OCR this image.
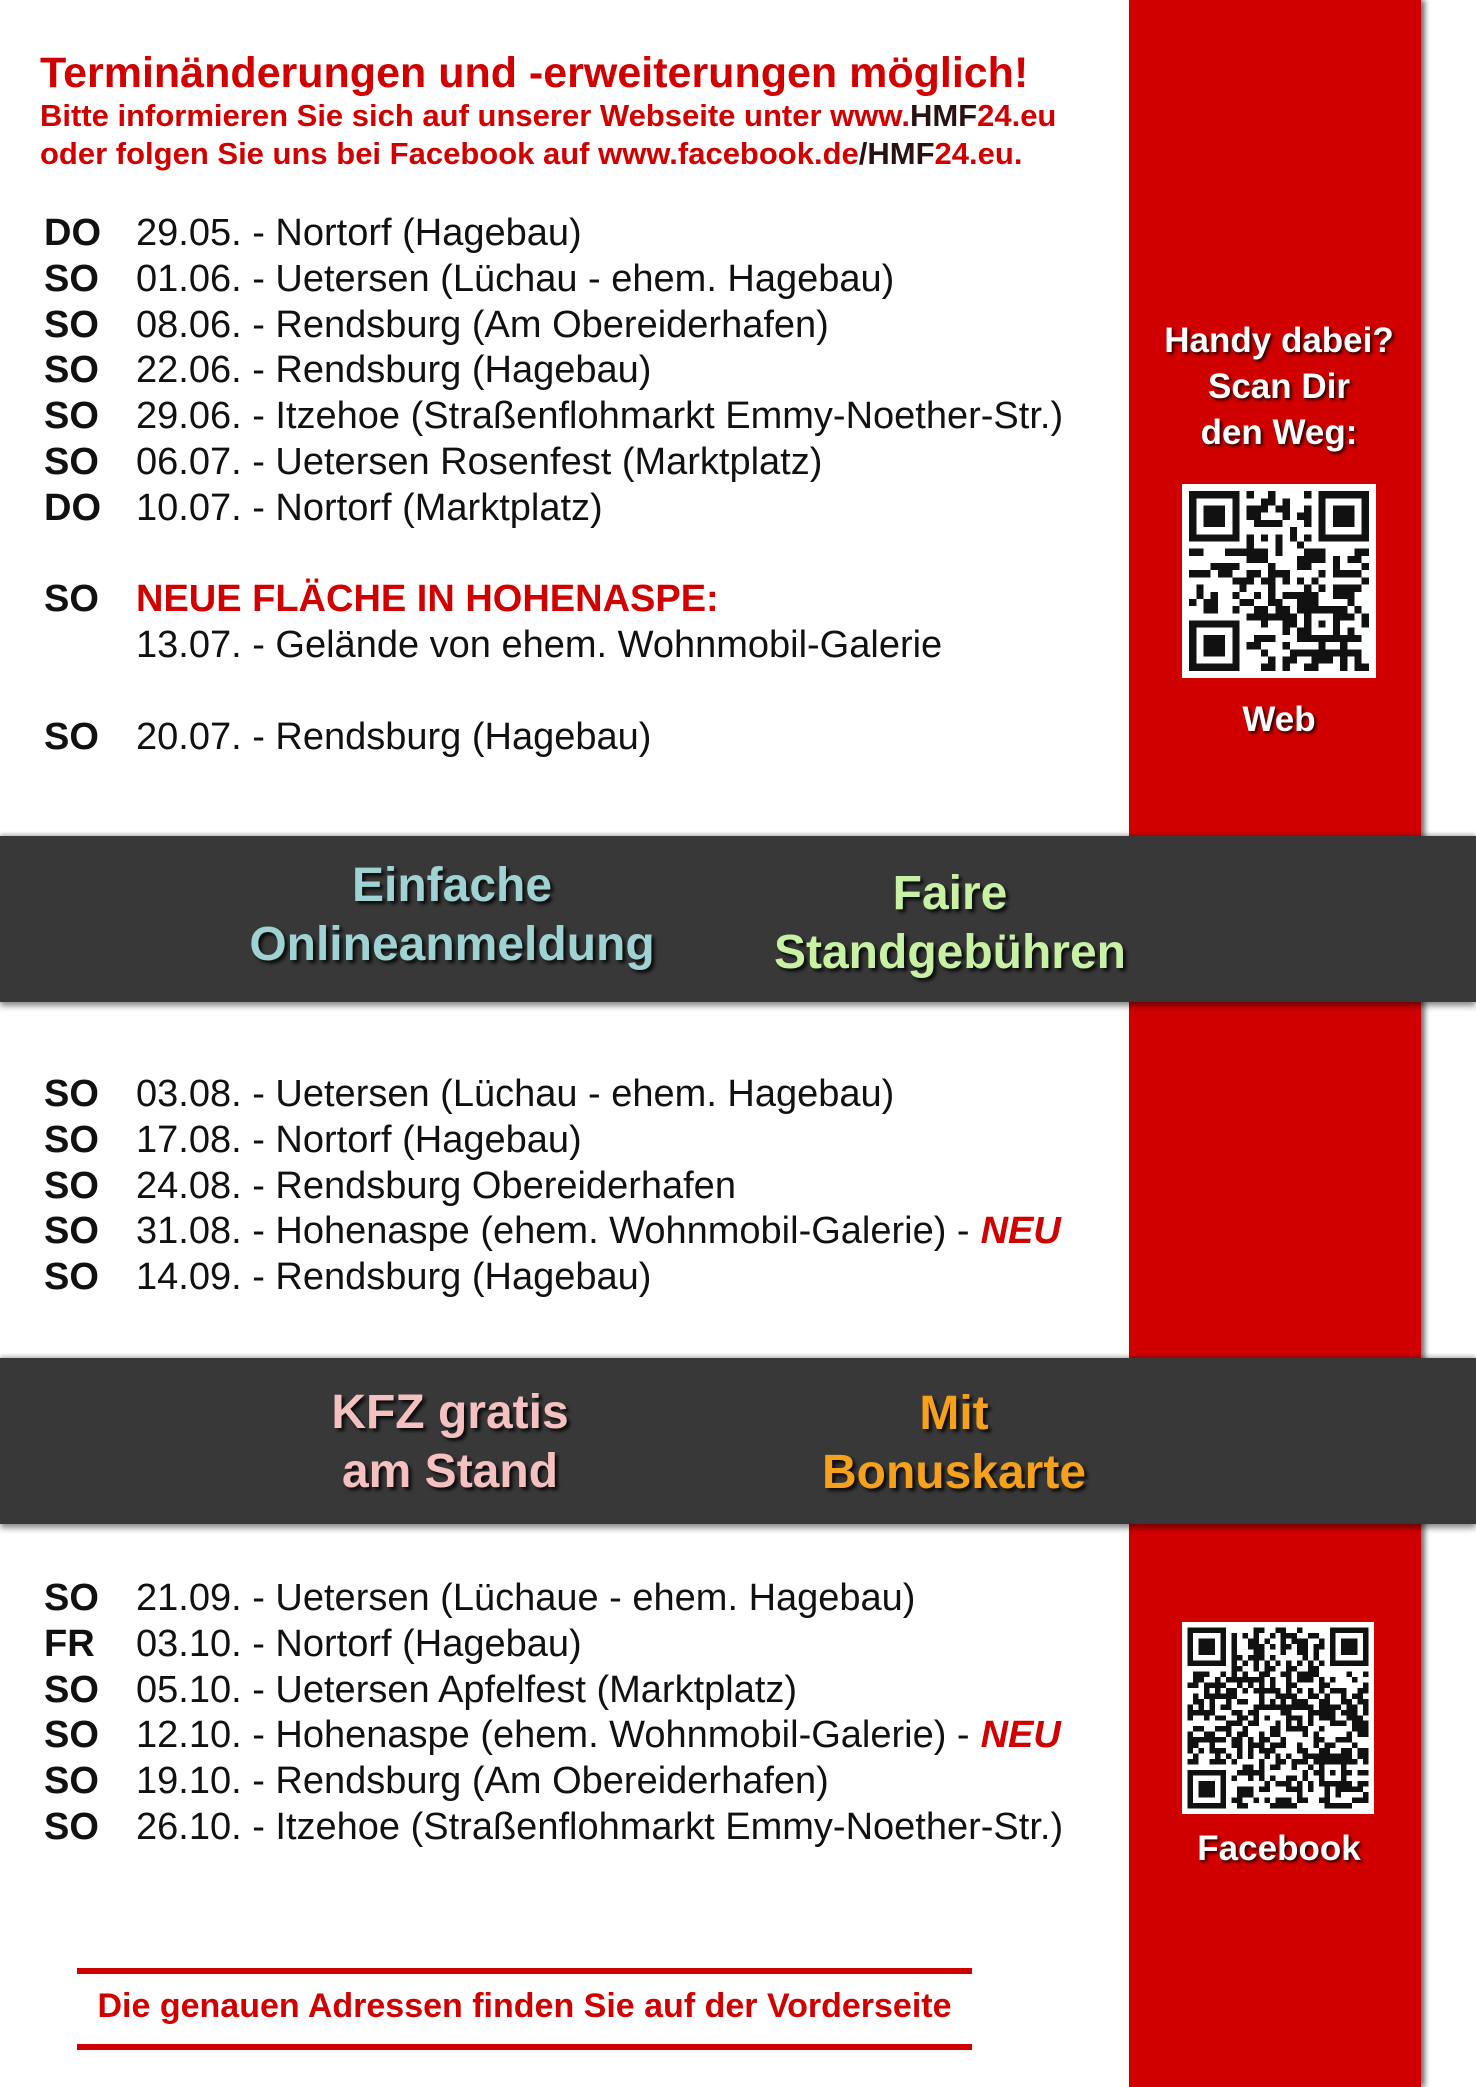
Terminänderungen und -erweiterungen möglich!
Bitte informieren Sie sich auf unserer Webseite unter www.HMF24.eu
oder folgen Sie uns bei Facebook auf www.facebook.de/HMF24.eu.
DO 29.05. - Nortorf (Hagebau)
SO 01.06. - Uetersen (Lüchau - ehem. Hagebau)
SO 08.06. - Rendsburg (Am Obereiderhafen)
SO 22.06. - Rendsburg (Hagebau)
SO 29.06. - Itzehoe (Straßenflohmarkt Emmy-Noether-Str.)
SO 06.07. - Uetersen Rosenfest (Marktplatz)
DO 10.07. - Nortorf (Marktplatz)
SO NEUE FLÄCHE IN HOHENASPE:
13.07. - Gelände von ehem. Wohnmobil-Galerie
SO 20.07. - Rendsburg (Hagebau)
SO 03.08. - Uetersen (Lüchau - ehem. Hagebau)
SO 17.08. - Nortorf (Hagebau)
SO 24.08. - Rendsburg Obereiderhafen
SO 31.08. - Hohenaspe (ehem. Wohnmobil-Galerie) - NEU
SO 14.09. - Rendsburg (Hagebau)
SO 21.09. - Uetersen (Lüchaue - ehem. Hagebau)
FR 03.10. - Nortorf (Hagebau)
SO 05.10. - Uetersen Apfelfest (Marktplatz)
SO 12.10. - Hohenaspe (ehem. Wohnmobil-Galerie) - NEU
SO 19.10. - Rendsburg (Am Obereiderhafen)
SO 26.10. - Itzehoe (Straßenflohmarkt Emmy-Noether-Str.)
Einfache
Onlineanmeldung
Faire
Standgebühren
KFZ gratis
am Stand
Mit
Bonuskarte
Handy dabei?
Scan Dir
den Weg:
Web
Facebook
Die genauen Adressen finden Sie auf der Vorderseite
